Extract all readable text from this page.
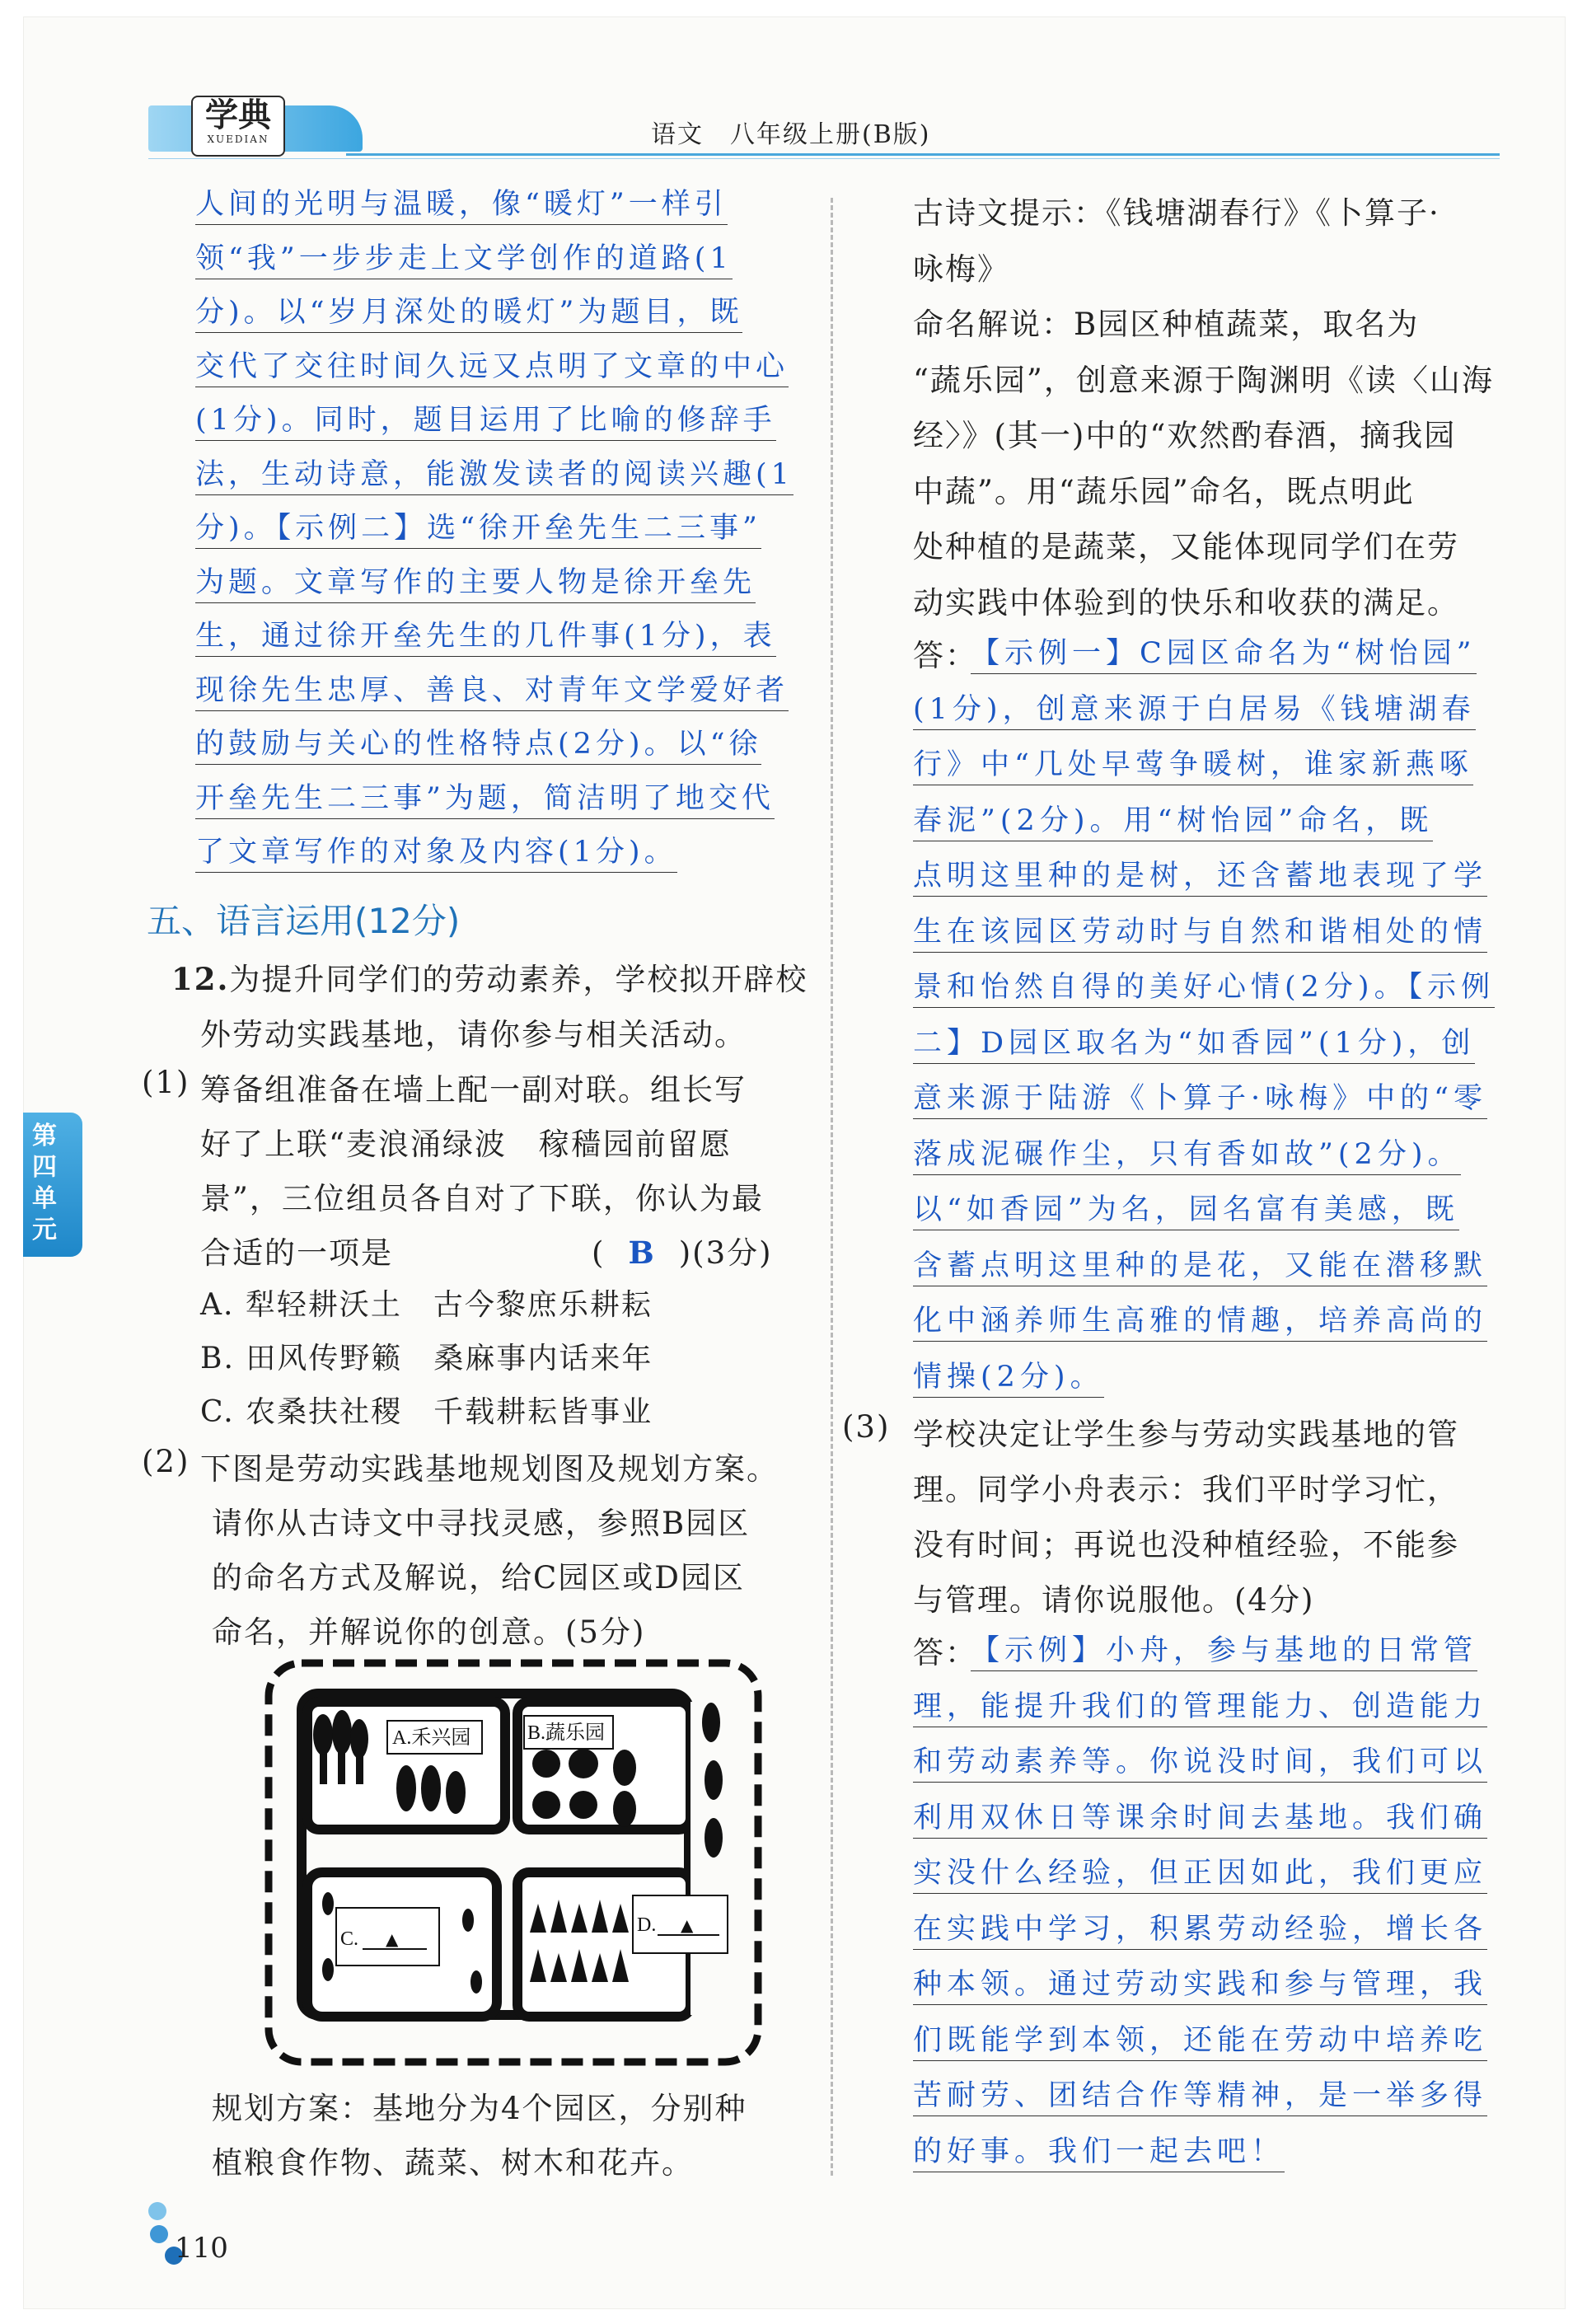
学典
XUEDIAN	语文　八年级上册(B版)
第四单元
人间的光明与温暖，像“暖灯”一样引
领“我”一步步走上文学创作的道路(1
分)。以“岁月深处的暖灯”为题目，既
交代了交往时间久远又点明了文章的中心
(1分)。同时，题目运用了比喻的修辞手
法，生动诗意，能激发读者的阅读兴趣(1
分)。【示例二】选“徐开垒先生二三事”
为题。文章写作的主要人物是徐开垒先
生，通过徐开垒先生的几件事(1分)，表
现徐先生忠厚、善良、对青年文学爱好者
的鼓励与关心的性格特点(2分)。以“徐
开垒先生二三事”为题，简洁明了地交代
了文章写作的对象及内容(1分)。
五、语言运用(12分)
12.为提升同学们的劳动素养，学校拟开辟校
外劳动实践基地，请你参与相关活动。
(1) 筹备组准备在墙上配一副对联。组长写
好了上联“麦浪涌绿波　稼穑园前留愿
景”，三位组员各自对了下联，你认为最
合适的一项是	( B )(3分)
A. 犁轻耕沃土　古今黎庶乐耕耘
B. 田风传野籁　桑麻事内话来年
C. 农桑扶社稷　千载耕耘皆事业
(2) 下图是劳动实践基地规划图及规划方案。
请你从古诗文中寻找灵感，参照B园区
的命名方式及解说，给C园区或D园区
命名，并解说你的创意。(5分)
A.禾兴园	B.蔬乐园
C. ▲
D. ▲
规划方案：基地分为4个园区，分别种
植粮食作物、蔬菜、树木和花卉。
古诗文提示：《钱塘湖春行》《卜算子·
咏梅》
命名解说：B园区种植蔬菜，取名为
“蔬乐园”，创意来源于陶渊明《读〈山海
经〉》(其一)中的“欢然酌春酒，摘我园
中蔬”。用“蔬乐园”命名，既点明此
处种植的是蔬菜，又能体现同学们在劳
动实践中体验到的快乐和收获的满足。
答：
【示例一】C园区命名为“树怡园”
(1分)，创意来源于白居易《钱塘湖春
行》中“几处早莺争暖树，谁家新燕啄
春泥”(2分)。用“树怡园”命名，既
点明这里种的是树，还含蓄地表现了学
生在该园区劳动时与自然和谐相处的情
景和怡然自得的美好心情(2分)。【示例
二】D园区取名为“如香园”(1分)，创
意来源于陆游《卜算子·咏梅》中的“零
落成泥碾作尘，只有香如故”(2分)。
以“如香园”为名，园名富有美感，既
含蓄点明这里种的是花，又能在潜移默
化中涵养师生高雅的情趣，培养高尚的
情操(2分)。
(3) 学校决定让学生参与劳动实践基地的管
理。同学小舟表示：我们平时学习忙，
没有时间；再说也没种植经验，不能参
与管理。请你说服他。(4分)
答：
【示例】小舟，参与基地的日常管
理，能提升我们的管理能力、创造能力
和劳动素养等。你说没时间，我们可以
利用双休日等课余时间去基地。我们确
实没什么经验，但正因如此，我们更应
在实践中学习，积累劳动经验，增长各
种本领。通过劳动实践和参与管理，我
们既能学到本领，还能在劳动中培养吃
苦耐劳、团结合作等精神，是一举多得
的好事。我们一起去吧！
110
